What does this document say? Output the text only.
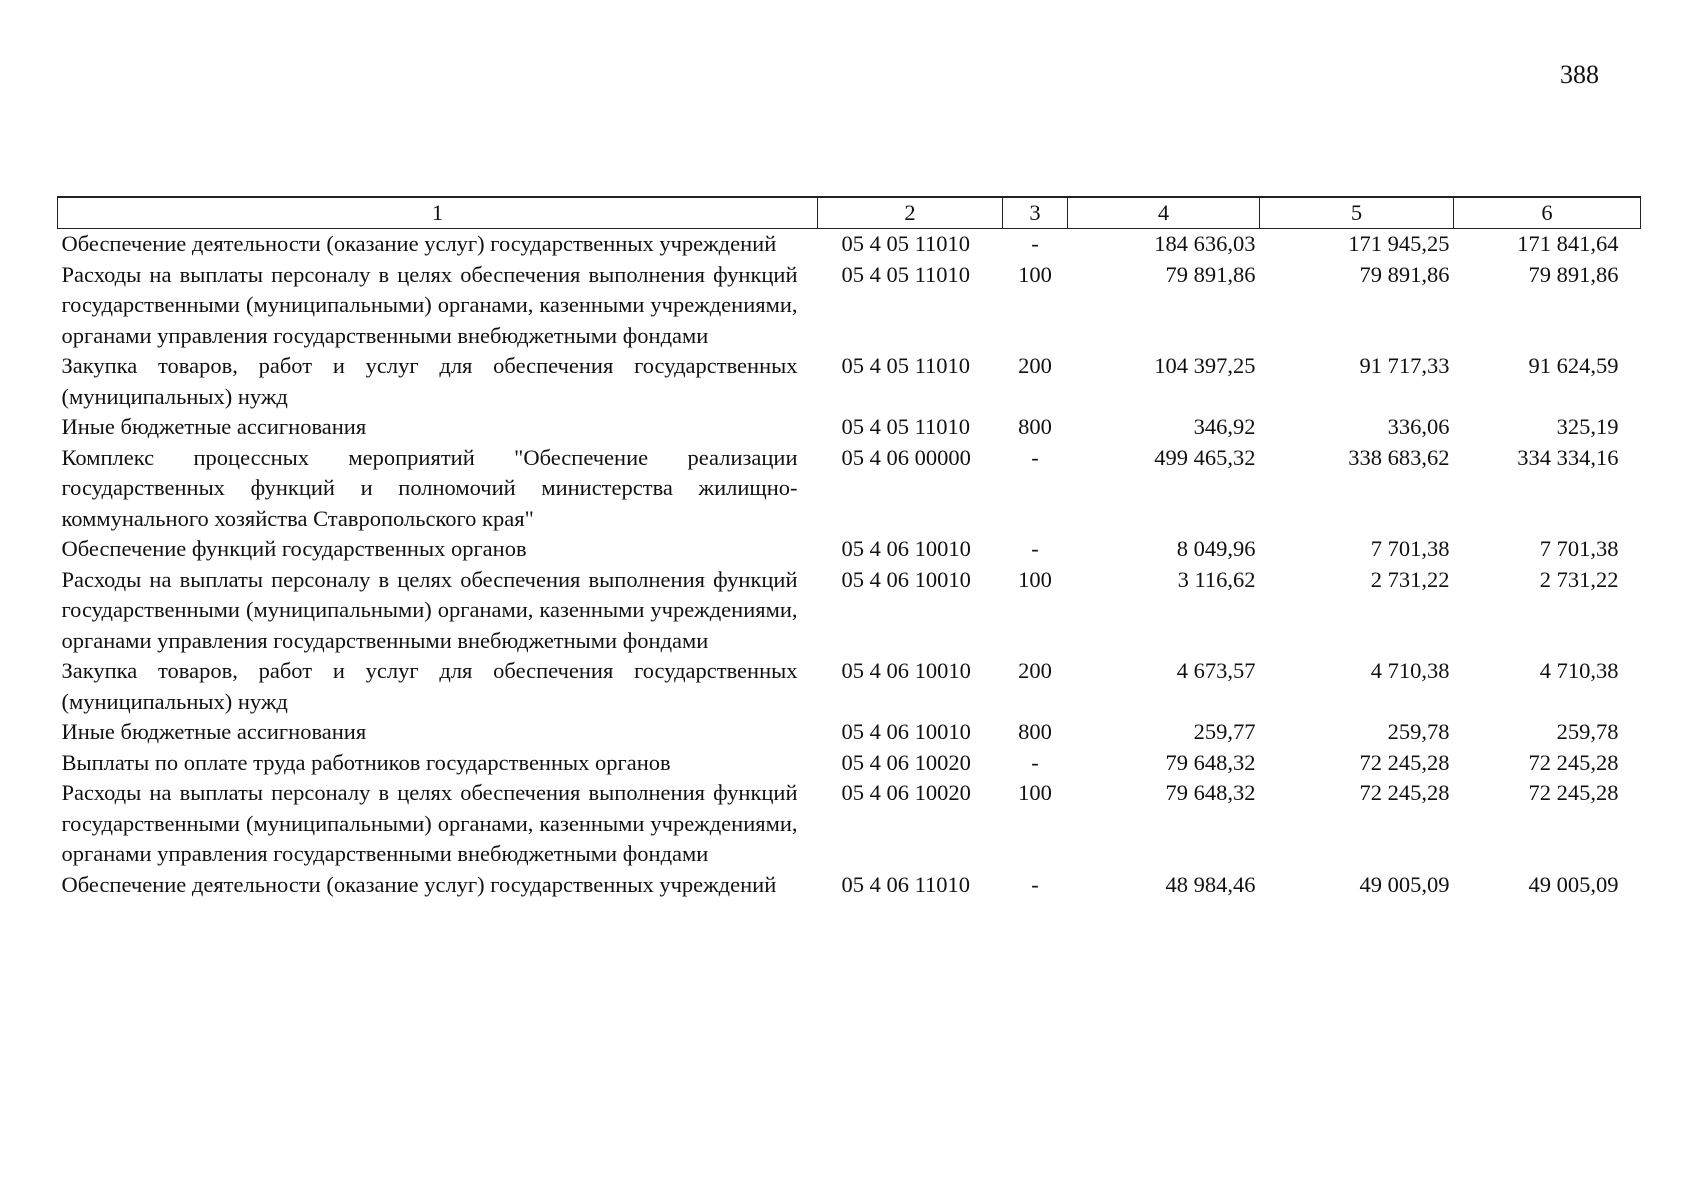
388
1	2	3	4	5	6
Обеспечение деятельности (оказание услуг) государственных учреждений	05 4 05 11010	-	184 636,03	171 945,25	171 841,64
Расходы на выплаты персоналу в целях обеспечения выполнения функций государственными (муниципальными) органами, казенными учреждениями, органами управления государственными внебюджетными фондами	05 4 05 11010	100	79 891,86	79 891,86	79 891,86
Закупка товаров, работ и услуг для обеспечения государственных (муниципальных) нужд	05 4 05 11010	200	104 397,25	91 717,33	91 624,59
Иные бюджетные ассигнования	05 4 05 11010	800	346,92	336,06	325,19
Комплекс процессных мероприятий "Обеспечение реализации государственных функций и полномочий министерства жилищно-коммунального хозяйства Ставропольского края"	05 4 06 00000	-	499 465,32	338 683,62	334 334,16
Обеспечение функций государственных органов	05 4 06 10010	-	8 049,96	7 701,38	7 701,38
Расходы на выплаты персоналу в целях обеспечения выполнения функций государственными (муниципальными) органами, казенными учреждениями, органами управления государственными внебюджетными фондами	05 4 06 10010	100	3 116,62	2 731,22	2 731,22
Закупка товаров, работ и услуг для обеспечения государственных (муниципальных) нужд	05 4 06 10010	200	4 673,57	4 710,38	4 710,38
Иные бюджетные ассигнования	05 4 06 10010	800	259,77	259,78	259,78
Выплаты по оплате труда работников государственных органов	05 4 06 10020	-	79 648,32	72 245,28	72 245,28
Расходы на выплаты персоналу в целях обеспечения выполнения функций государственными (муниципальными) органами, казенными учреждениями, органами управления государственными внебюджетными фондами	05 4 06 10020	100	79 648,32	72 245,28	72 245,28
Обеспечение деятельности (оказание услуг) государственных учреждений	05 4 06 11010	-	48 984,46	49 005,09	49 005,09
